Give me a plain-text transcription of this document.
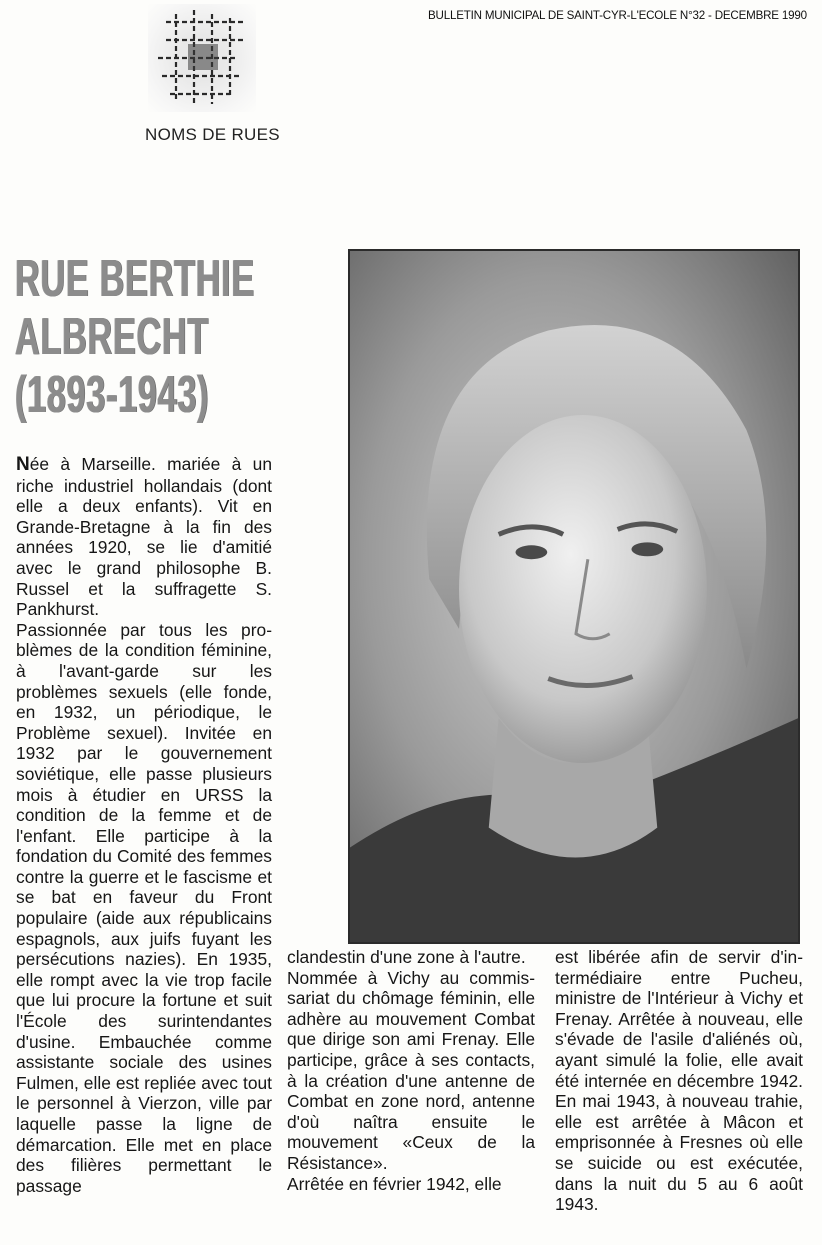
NOMS DE RUES
BULLETIN MUNICIPAL DE SAINT-CYR-L'ECOLE N°32 - DECEMBRE 1990
RUE BERTHIE
ALBRECHT
(1893-1943)

Née à Marseille. mariée à un riche industriel hollandais (dont elle a deux enfants). Vit en Grande-Bretagne à la fin des années 1920, se lie d'amitié avec le grand philosophe B. Russel et la suffragette S. Pankhurst.

Passionnée par tous les problèmes de la condition féminine, à l'avant-garde sur les problèmes sexuels (elle fonde, en 1932, un périodique, le Problème sexuel). Invitée en 1932 par le gouvernement soviétique, elle passe plusieurs mois à étudier en URSS la condition de la femme et de l'enfant. Elle participe à la fondation du Comité des femmes contre la guerre et le fascisme et se bat en faveur du Front populaire (aide aux républicains espagnols, aux juifs fuyant les persécutions nazies). En 1935, elle rompt avec la vie trop facile que lui procure la fortune et suit l'École des surintendantes d'usine. Embauchée comme assistante sociale des usines Fulmen, elle est repliée avec tout le personnel à Vierzon, ville par laquelle passe la ligne de démarcation. Elle met en place des filières permettant le passage

clandestin d'une zone à l'autre.

Nommée à Vichy au commissariat du chômage féminin, elle adhère au mouvement Combat que dirige son ami Frenay. Elle participe, grâce à ses contacts, à la création d'une antenne de Combat en zone nord, antenne d'où naîtra ensuite le mouvement «Ceux de la Résistance».

Arrêtée en février 1942, elle

est libérée afin de servir d'intermédiaire entre Pucheu, ministre de l'Intérieur à Vichy et Frenay. Arrêtée à nouveau, elle s'évade de l'asile d'aliénés où, ayant simulé la folie, elle avait été internée en décembre 1942. En mai 1943, à nouveau trahie, elle est arrêtée à Mâcon et emprisonnée à Fresnes où elle se suicide ou est exécutée, dans la nuit du 5 au 6 août 1943.
